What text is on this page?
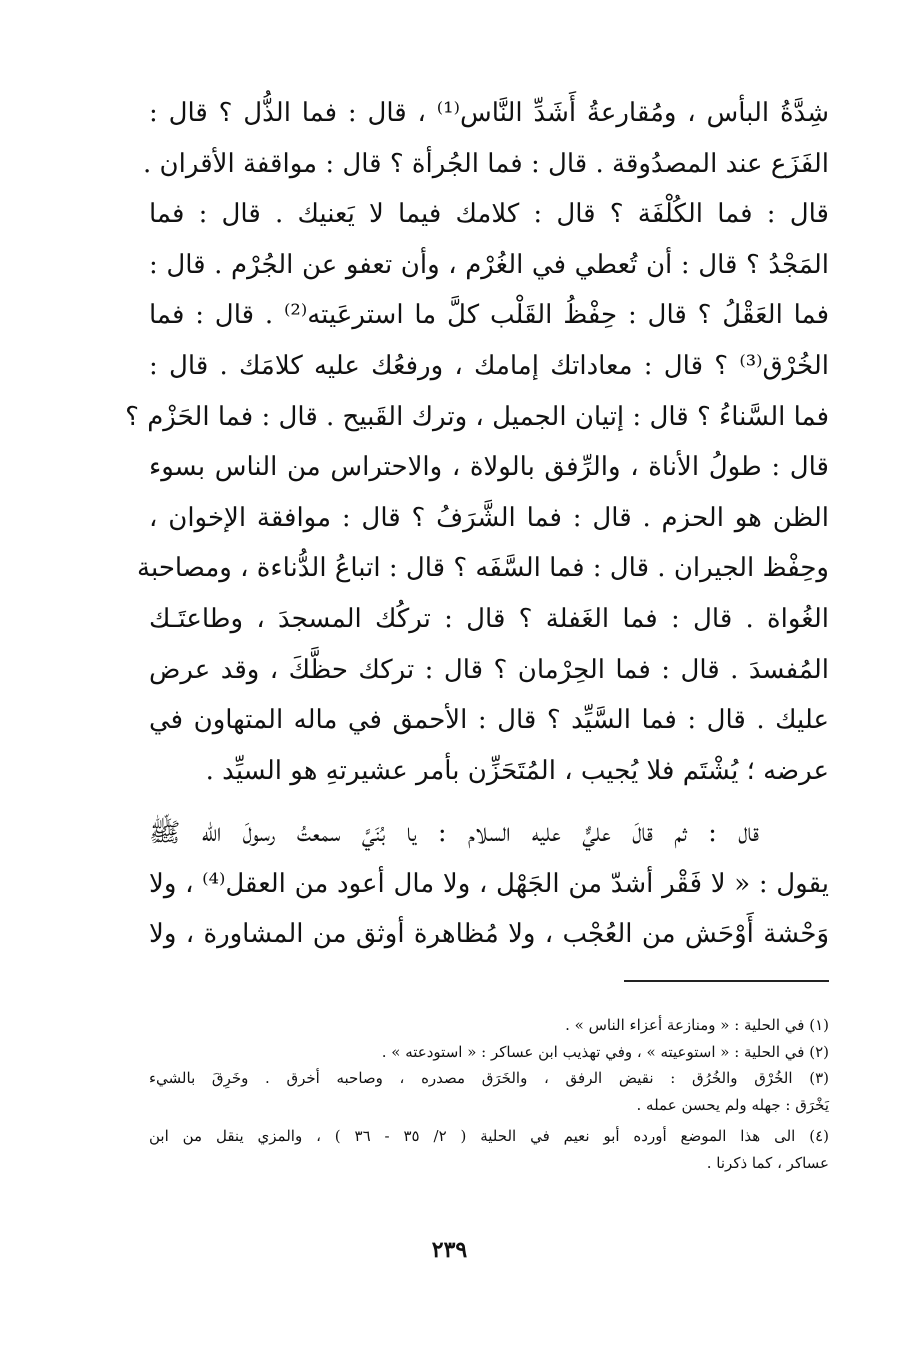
شِدَّةُ البأس ، ومُقارعةُ أَشَدِّ النَّاس⁽¹⁾ ، قال : فما الذُّل ؟ قال :
الفَزَع عند المصدُوقة . قال : فما الجُرأة ؟ قال : مواقفة الأقران .
قال : فما الكُلْفَة ؟ قال : كلامك فيما لا يَعنيك . قال : فما
المَجْدُ ؟ قال : أن تُعطي في الغُرْم ، وأن تعفو عن الجُرْم . قال :
فما العَقْلُ ؟ قال : حِفْظُ القَلْب كلَّ ما استرعَيته⁽²⁾ . قال : فما
الخُرْق⁽³⁾ ؟ قال : معاداتك إمامك ، ورفعُك عليه كلامَك . قال :
فما السَّناءُ ؟ قال : إتيان الجميل ، وترك القَبيح . قال : فما الحَزْم ؟
قال : طولُ الأناة ، والرِّفق بالولاة ، والاحتراس من الناس بسوء
الظن هو الحزم . قال : فما الشَّرَفُ ؟ قال : موافقة الإخوان ،
وحِفْظ الجيران . قال : فما السَّفَه ؟ قال : اتباعُ الدُّناءة ، ومصاحبة
الغُواة . قال : فما الغَفلة ؟ قال : تركُك المسجدَ ، وطاعتَـك
المُفسدَ . قال : فما الحِرْمان ؟ قال : تركك حظَّكَ ، وقد عرض
عليك . قال : فما السَّيِّد ؟ قال : الأحمق في ماله المتهاون في
عرضه ؛ يُشْتَم فلا يُجيب ، المُتَحَزِّن بأمر عشيرتهِ هو السيِّد .
قال : ثم قالَ عليٌّ عليه السلام : يا بُنَيَّ سمعتُ رسولَ الله ﷺ
يقول : « لا فَقْر أشدّ من الجَهْل ، ولا مال أعود من العقل⁽⁴⁾ ، ولا
وَحْشة أَوْحَش من العُجْب ، ولا مُظاهرة أوثق من المشاورة ، ولا
(١) في الحلية : « ومنازعة أعزاء الناس » .
(٢) في الحلية : « استوعيته » ، وفي تهذيب ابن عساكر : « استودعته » .
(٣) الخُرْق والخُرُق : نقيض الرفق ، والخَرَق مصدره ، وصاحبه أخرق . وخَرِقَ بالشيء
يَخْرَق : جهله ولم يحسن عمله .
(٤) الى هذا الموضع أورده أبو نعيم في الحلية ( ٢/ ٣٥ - ٣٦ ) ، والمزي ينقل من ابن
عساكر ، كما ذكرنا .
٢٣٩
